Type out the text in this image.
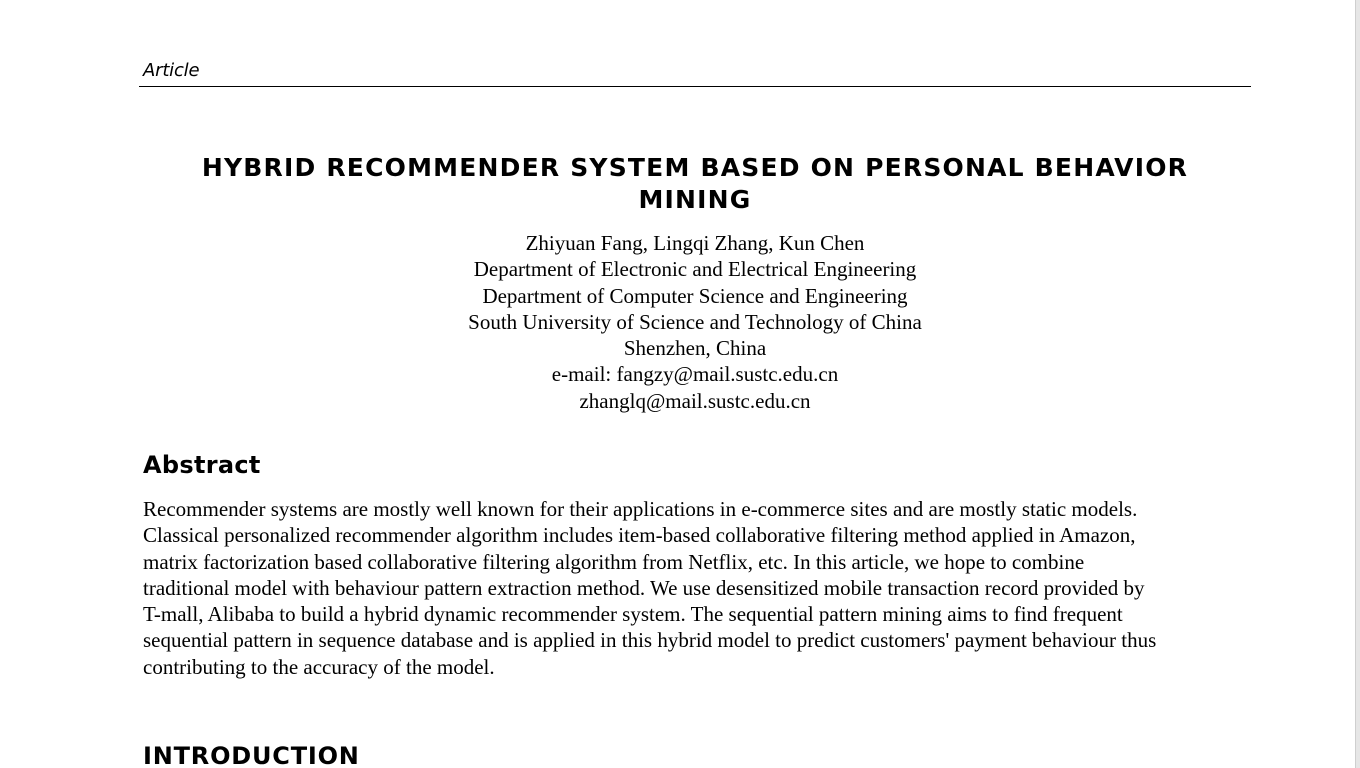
Article
HYBRID RECOMMENDER SYSTEM BASED ON PERSONAL BEHAVIOR
MINING
Zhiyuan Fang, Lingqi Zhang, Kun Chen
Department of Electronic and Electrical Engineering
Department of Computer Science and Engineering
South University of Science and Technology of China
Shenzhen, China
e-mail: fangzy@mail.sustc.edu.cn
zhanglq@mail.sustc.edu.cn
Abstract
Recommender systems are mostly well known for their applications in e-commerce sites and are mostly static models.
Classical personalized recommender algorithm includes item-based collaborative filtering method applied in Amazon,
matrix factorization based collaborative filtering algorithm from Netflix, etc. In this article, we hope to combine
traditional model with behaviour pattern extraction method. We use desensitized mobile transaction record provided by
T-mall, Alibaba to build a hybrid dynamic recommender system. The sequential pattern mining aims to find frequent
sequential pattern in sequence database and is applied in this hybrid model to predict customers' payment behaviour thus
contributing to the accuracy of the model.
INTRODUCTION
